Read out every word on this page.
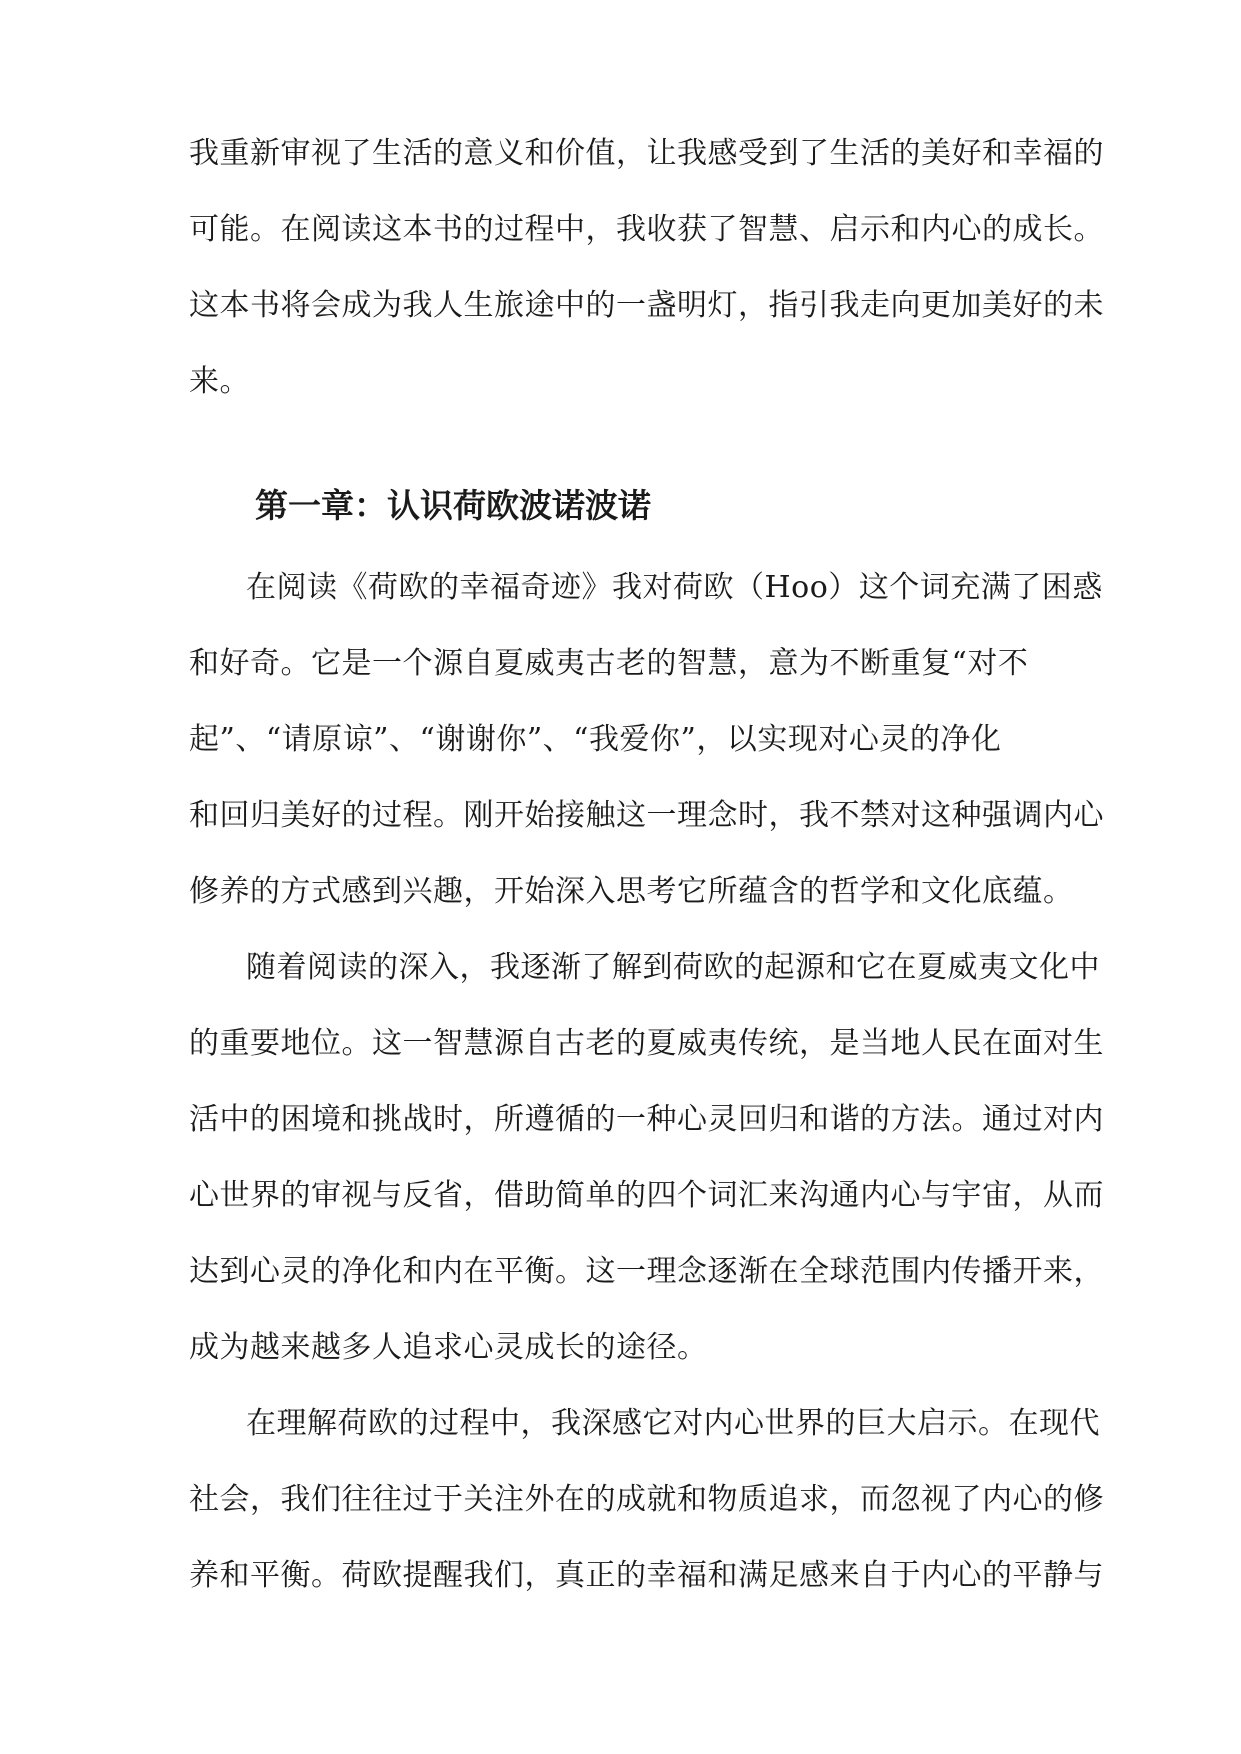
我重新审视了生活的意义和价值，让我感受到了生活的美好和幸福的
可能。在阅读这本书的过程中，我收获了智慧、启示和内心的成长。
这本书将会成为我人生旅途中的一盏明灯，指引我走向更加美好的未
来。
第一章：认识荷欧波诺波诺
在阅读《荷欧的幸福奇迹》我对荷欧（Hoo）这个词充满了困惑
和好奇。它是一个源自夏威夷古老的智慧，意为不断重复“对不
起”、“请原谅”、“谢谢你”、“我爱你”，以实现对心灵的净化
和回归美好的过程。刚开始接触这一理念时，我不禁对这种强调内心
修养的方式感到兴趣，开始深入思考它所蕴含的哲学和文化底蕴。
随着阅读的深入，我逐渐了解到荷欧的起源和它在夏威夷文化中
的重要地位。这一智慧源自古老的夏威夷传统，是当地人民在面对生
活中的困境和挑战时，所遵循的一种心灵回归和谐的方法。通过对内
心世界的审视与反省，借助简单的四个词汇来沟通内心与宇宙，从而
达到心灵的净化和内在平衡。这一理念逐渐在全球范围内传播开来，
成为越来越多人追求心灵成长的途径。
在理解荷欧的过程中，我深感它对内心世界的巨大启示。在现代
社会，我们往往过于关注外在的成就和物质追求，而忽视了内心的修
养和平衡。荷欧提醒我们，真正的幸福和满足感来自于内心的平静与
